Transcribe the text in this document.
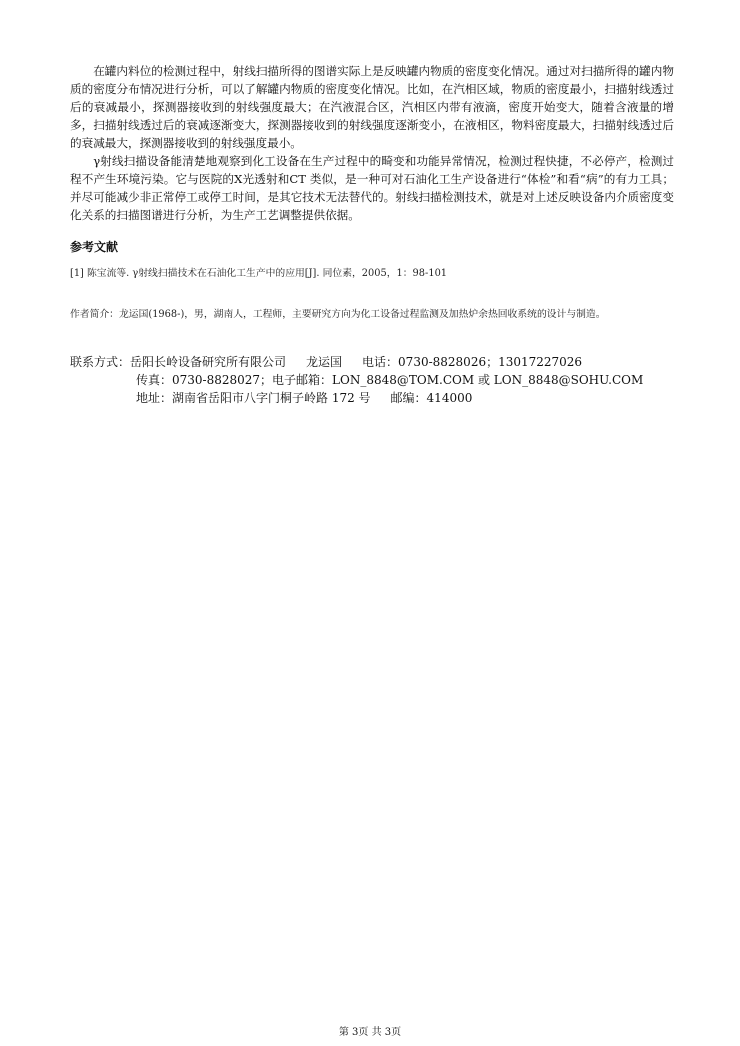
在罐内料位的检测过程中，射线扫描所得的图谱实际上是反映罐内物质的密度变化情况。通过对扫描所得的罐内物质的密度分布情况进行分析，可以了解罐内物质的密度变化情况。比如，在汽相区域，物质的密度最小，扫描射线透过后的衰减最小，探测器接收到的射线强度最大；在汽液混合区，汽相区内带有液滴，密度开始变大，随着含液量的增多，扫描射线透过后的衰减逐渐变大，探测器接收到的射线强度逐渐变小，在液相区，物料密度最大，扫描射线透过后的衰减最大，探测器接收到的射线强度最小。

γ射线扫描设备能清楚地观察到化工设备在生产过程中的畸变和功能异常情况，检测过程快捷，不必停产，检测过程不产生环境污染。它与医院的X光透射和CT 类似，是一种可对石油化工生产设备进行“体检”和看“病”的有力工具；并尽可能减少非正常停工或停工时间，是其它技术无法替代的。射线扫描检测技术，就是对上述反映设备内介质密度变化关系的扫描图谱进行分析，为生产工艺调整提供依据。

参考文献
[1] 陈宝流等. γ射线扫描技术在石油化工生产中的应用[J]. 同位素，2005，1：98-101
作者简介：龙运国(1968-)，男，湖南人，工程师，主要研究方向为化工设备过程监测及加热炉余热回收系统的设计与制造。
联系方式：岳阳长岭设备研究所有限公司 龙运国 电话：0730-8828026；13017227026
传真：0730-8828027；电子邮箱：LON_8848@TOM.COM 或 LON_8848@SOHU.COM
地址：湖南省岳阳市八字门桐子岭路 172 号 邮编：414000
第 3页 共 3页
